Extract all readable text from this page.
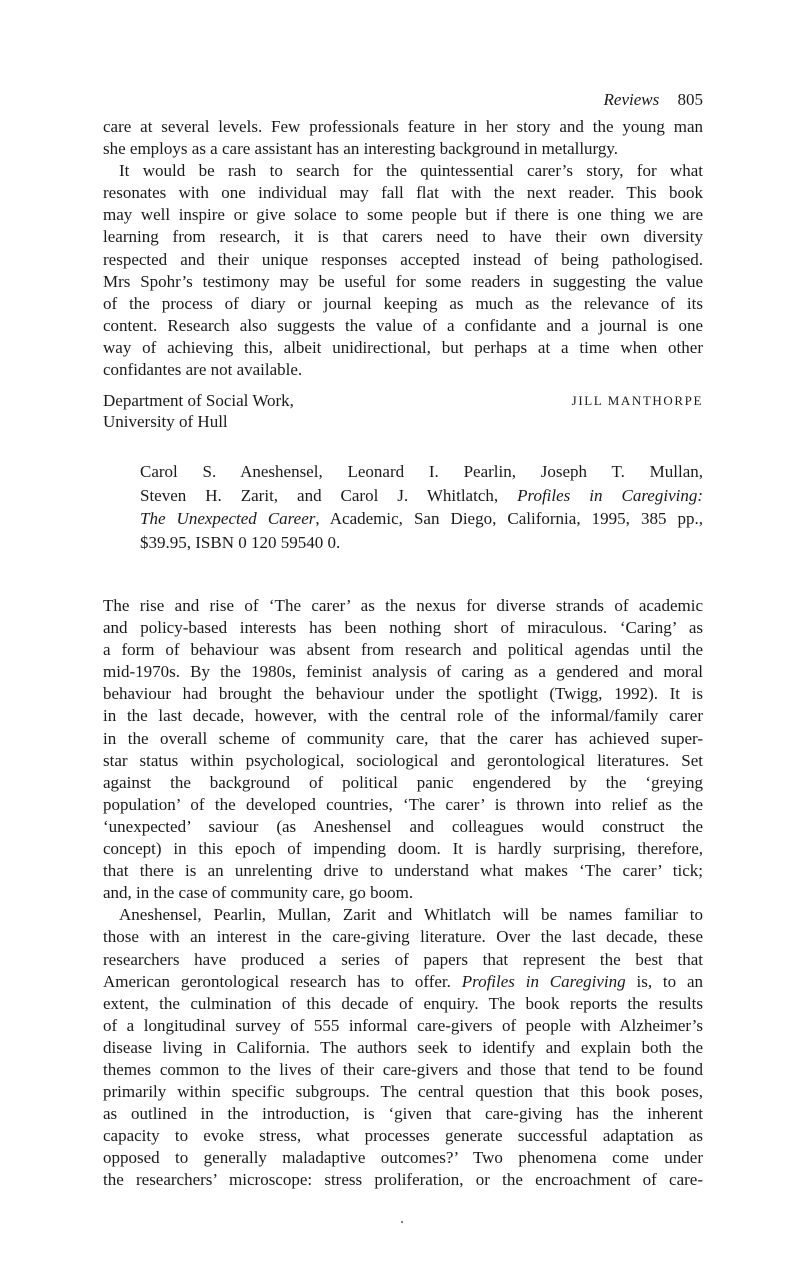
Reviews 805
care at several levels. Few professionals feature in her story and the young man
she employs as a care assistant has an interesting background in metallurgy.
It would be rash to search for the quintessential carer’s story, for what
resonates with one individual may fall flat with the next reader. This book
may well inspire or give solace to some people but if there is one thing we are
learning from research, it is that carers need to have their own diversity
respected and their unique responses accepted instead of being pathologised.
Mrs Spohr’s testimony may be useful for some readers in suggesting the value
of the process of diary or journal keeping as much as the relevance of its
content. Research also suggests the value of a confidante and a journal is one
way of achieving this, albeit unidirectional, but perhaps at a time when other
confidantes are not available.
Department of Social Work,
University of Hull
JILL MANTHORPE
Carol S. Aneshensel, Leonard I. Pearlin, Joseph T. Mullan,
Steven H. Zarit, and Carol J. Whitlatch, Profiles in Caregiving:
The Unexpected Career, Academic, San Diego, California, 1995, 385 pp.,
$39.95, ISBN 0 120 59540 0.
The rise and rise of ‘The carer’ as the nexus for diverse strands of academic
and policy-based interests has been nothing short of miraculous. ‘Caring’ as
a form of behaviour was absent from research and political agendas until the
mid-1970s. By the 1980s, feminist analysis of caring as a gendered and moral
behaviour had brought the behaviour under the spotlight (Twigg, 1992). It is
in the last decade, however, with the central role of the informal/family carer
in the overall scheme of community care, that the carer has achieved super-
star status within psychological, sociological and gerontological literatures. Set
against the background of political panic engendered by the ‘greying
population’ of the developed countries, ‘The carer’ is thrown into relief as the
‘unexpected’ saviour (as Aneshensel and colleagues would construct the
concept) in this epoch of impending doom. It is hardly surprising, therefore,
that there is an unrelenting drive to understand what makes ‘The carer’ tick;
and, in the case of community care, go boom.
Aneshensel, Pearlin, Mullan, Zarit and Whitlatch will be names familiar to
those with an interest in the care-giving literature. Over the last decade, these
researchers have produced a series of papers that represent the best that
American gerontological research has to offer. Profiles in Caregiving is, to an
extent, the culmination of this decade of enquiry. The book reports the results
of a longitudinal survey of 555 informal care-givers of people with Alzheimer’s
disease living in California. The authors seek to identify and explain both the
themes common to the lives of their care-givers and those that tend to be found
primarily within specific subgroups. The central question that this book poses,
as outlined in the introduction, is ‘given that care-giving has the inherent
capacity to evoke stress, what processes generate successful adaptation as
opposed to generally maladaptive outcomes?’ Two phenomena come under
the researchers’ microscope: stress proliferation, or the encroachment of care-
